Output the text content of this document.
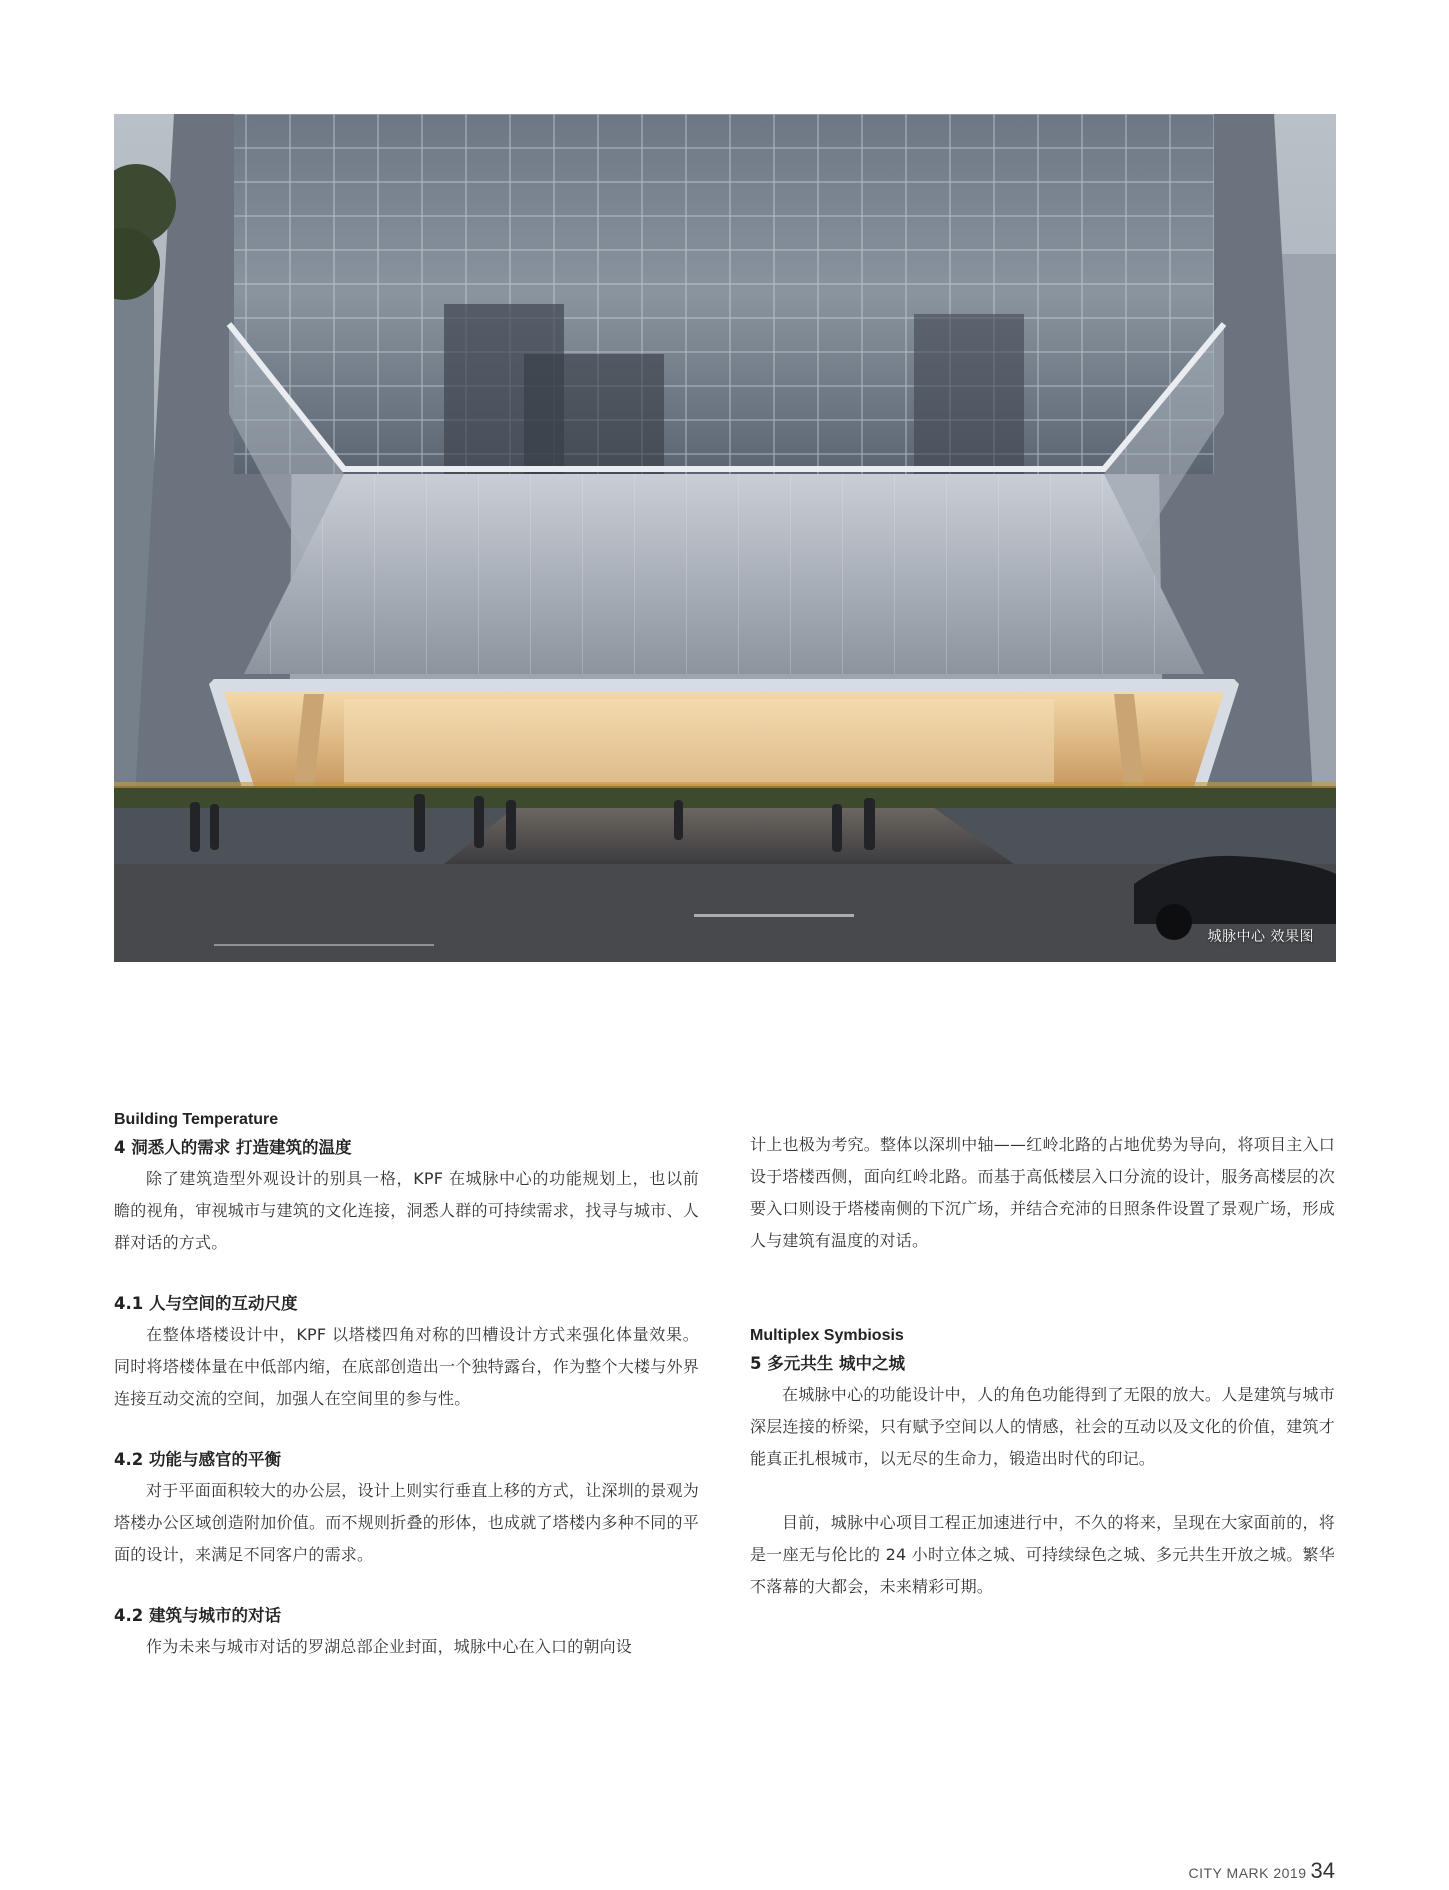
城脉中心 效果图

Building Temperature

4 洞悉人的需求 打造建筑的温度

除了建筑造型外观设计的别具一格，KPF 在城脉中心的功能规划上，也以前瞻的视角，审视城市与建筑的文化连接，洞悉人群的可持续需求，找寻与城市、人群对话的方式。

4.1 人与空间的互动尺度

在整体塔楼设计中，KPF 以塔楼四角对称的凹槽设计方式来强化体量效果。同时将塔楼体量在中低部内缩，在底部创造出一个独特露台，作为整个大楼与外界连接互动交流的空间，加强人在空间里的参与性。

4.2 功能与感官的平衡

对于平面面积较大的办公层，设计上则实行垂直上移的方式，让深圳的景观为塔楼办公区域创造附加价值。而不规则折叠的形体，也成就了塔楼内多种不同的平面的设计，来满足不同客户的需求。

4.2 建筑与城市的对话

作为未来与城市对话的罗湖总部企业封面，城脉中心在入口的朝向设

计上也极为考究。整体以深圳中轴——红岭北路的占地优势为导向，将项目主入口设于塔楼西侧，面向红岭北路。而基于高低楼层入口分流的设计，服务高楼层的次要入口则设于塔楼南侧的下沉广场，并结合充沛的日照条件设置了景观广场，形成人与建筑有温度的对话。

Multiplex Symbiosis

5 多元共生 城中之城

在城脉中心的功能设计中，人的角色功能得到了无限的放大。人是建筑与城市深层连接的桥梁，只有赋予空间以人的情感，社会的互动以及文化的价值，建筑才能真正扎根城市，以无尽的生命力，锻造出时代的印记。

目前，城脉中心项目工程正加速进行中，不久的将来，呈现在大家面前的，将是一座无与伦比的 24 小时立体之城、可持续绿色之城、多元共生开放之城。繁华不落幕的大都会，未来精彩可期。

CITY MARK 2019 34
